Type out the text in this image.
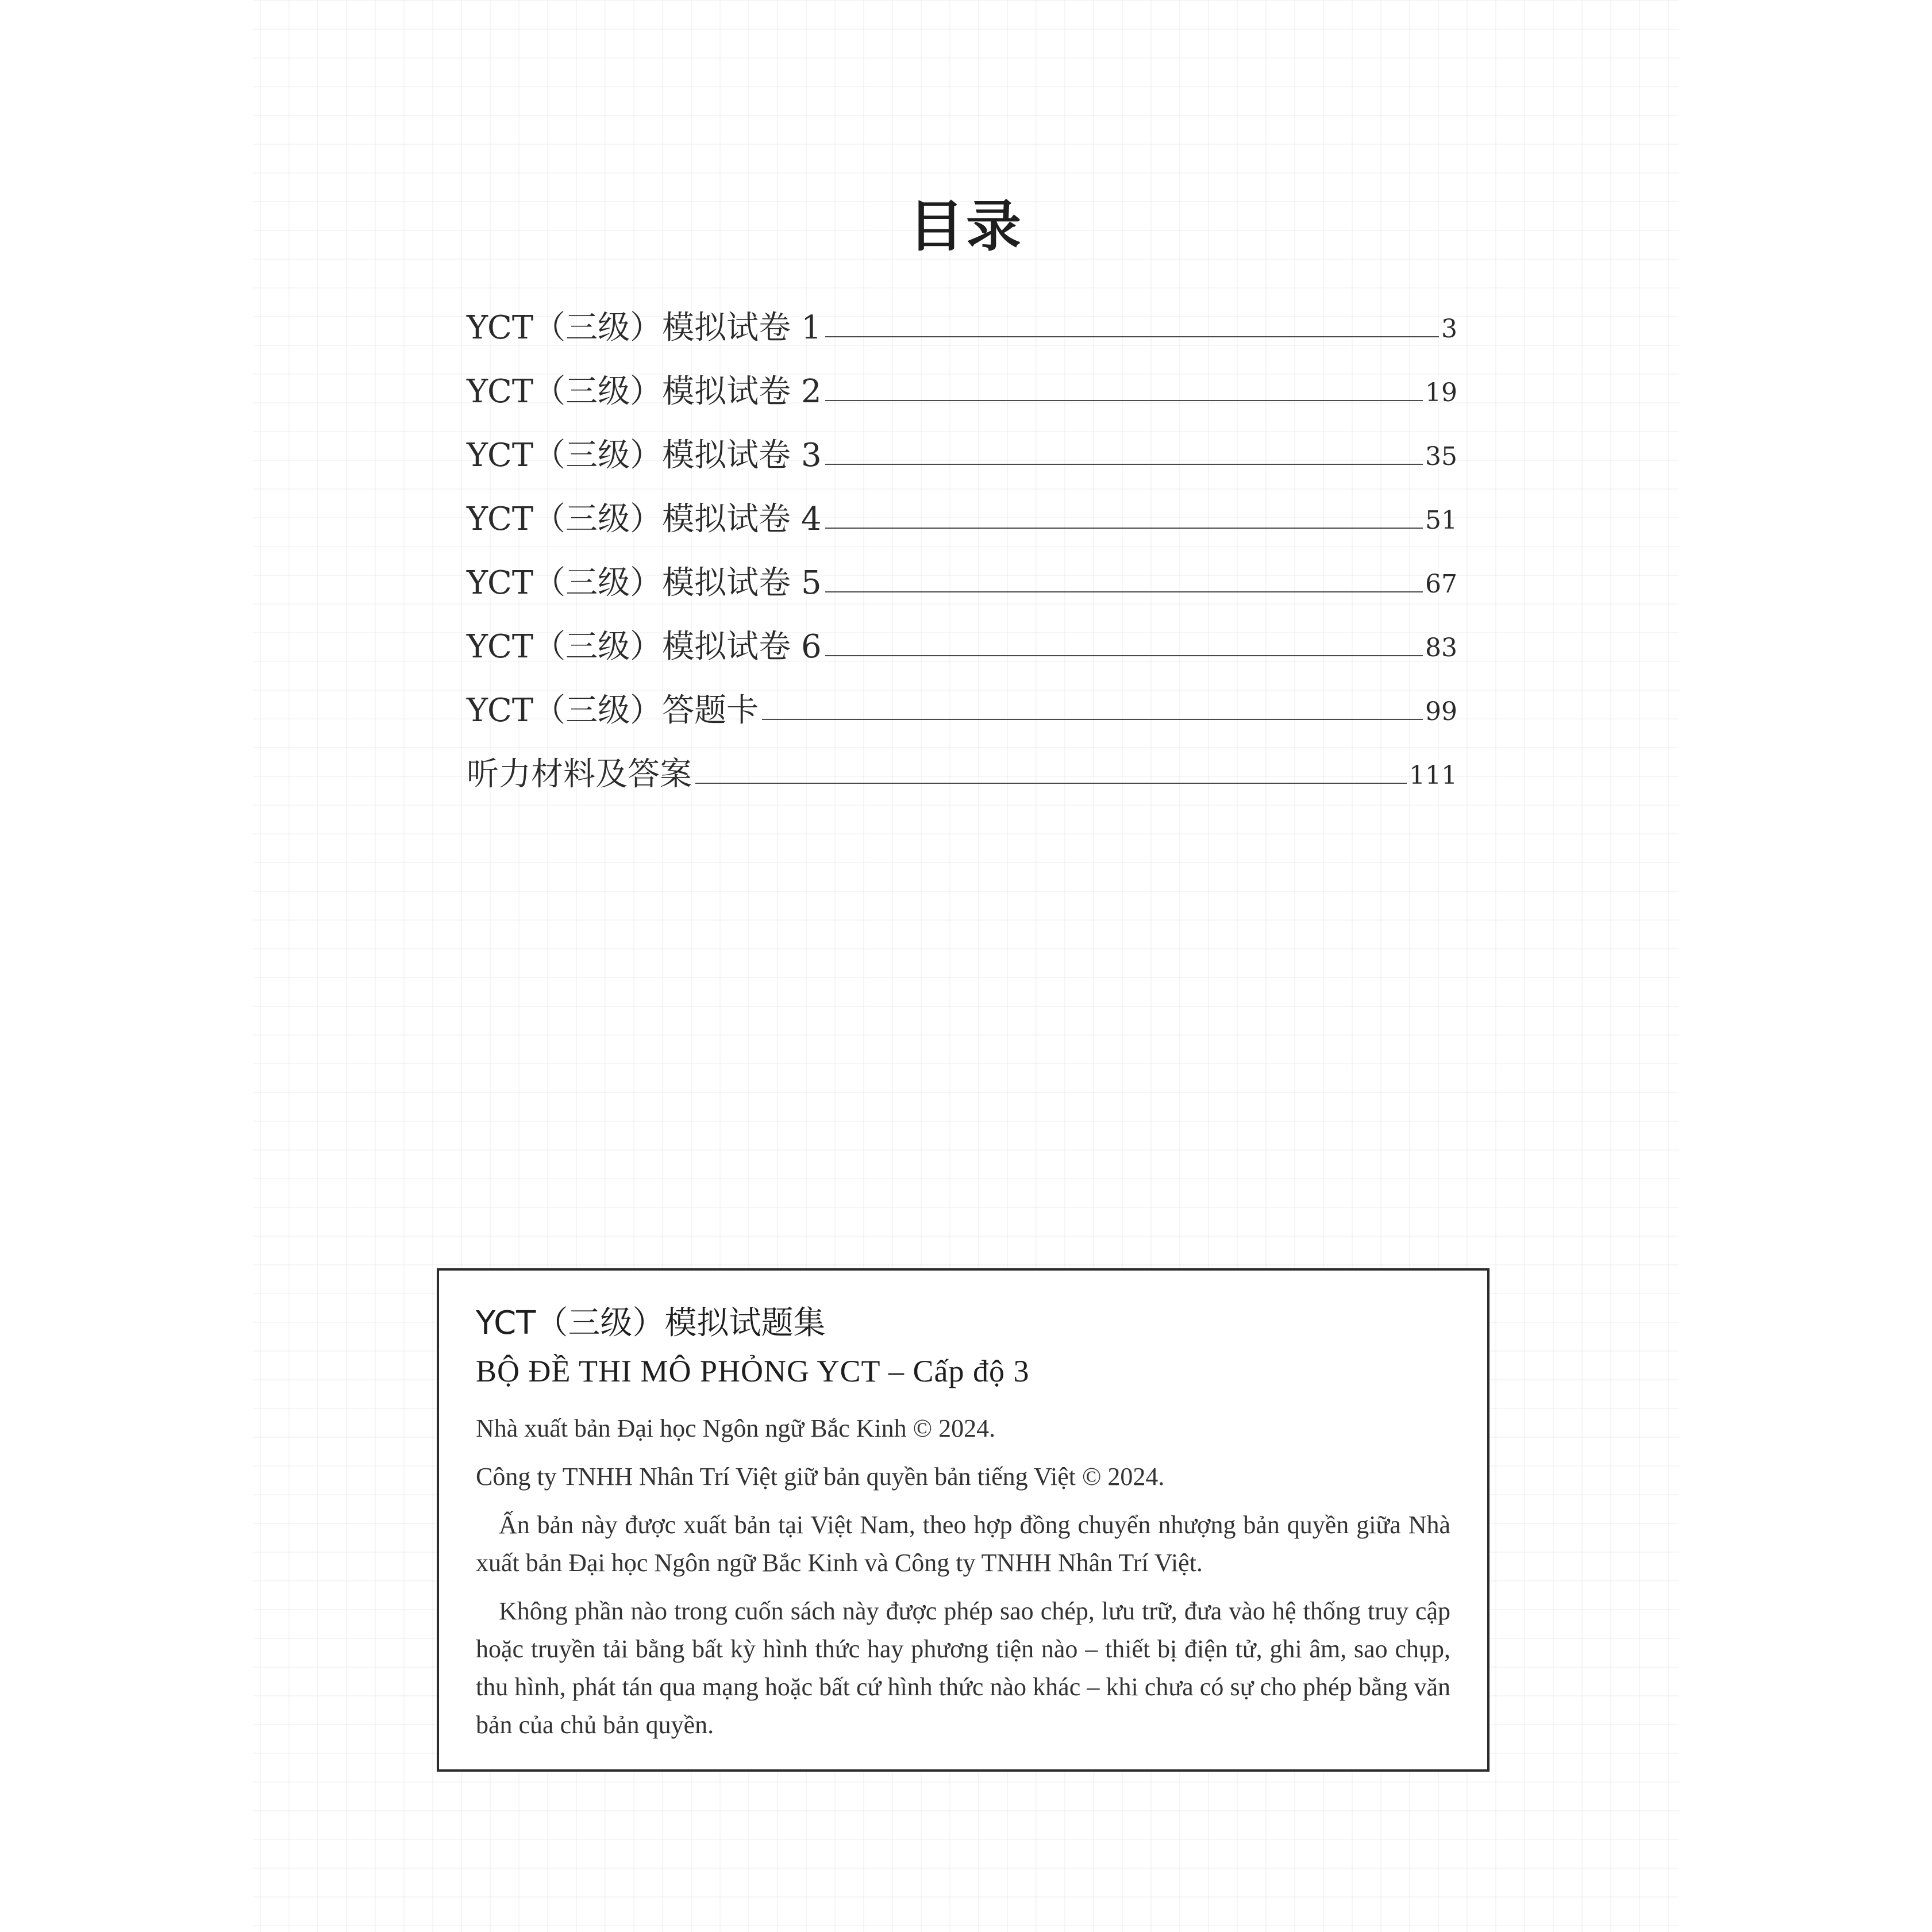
目录
YCT（三级）模拟试卷 1	3
YCT（三级）模拟试卷 2	19
YCT（三级）模拟试卷 3	35
YCT（三级）模拟试卷 4	51
YCT（三级）模拟试卷 5	67
YCT（三级）模拟试卷 6	83
YCT（三级）答题卡	99
听力材料及答案	111
YCT（三级）模拟试题集
BỘ ĐỀ THI MÔ PHỎNG YCT – Cấp độ 3

Nhà xuất bản Đại học Ngôn ngữ Bắc Kinh © 2024.

Công ty TNHH Nhân Trí Việt giữ bản quyền bản tiếng Việt © 2024.

Ấn bản này được xuất bản tại Việt Nam, theo hợp đồng chuyển nhượng bản quyền giữa Nhà xuất bản Đại học Ngôn ngữ Bắc Kinh và Công ty TNHH Nhân Trí Việt.

Không phần nào trong cuốn sách này được phép sao chép, lưu trữ, đưa vào hệ thống truy cập hoặc truyền tải bằng bất kỳ hình thức hay phương tiện nào – thiết bị điện tử, ghi âm, sao chụp, thu hình, phát tán qua mạng hoặc bất cứ hình thức nào khác – khi chưa có sự cho phép bằng văn bản của chủ bản quyền.
